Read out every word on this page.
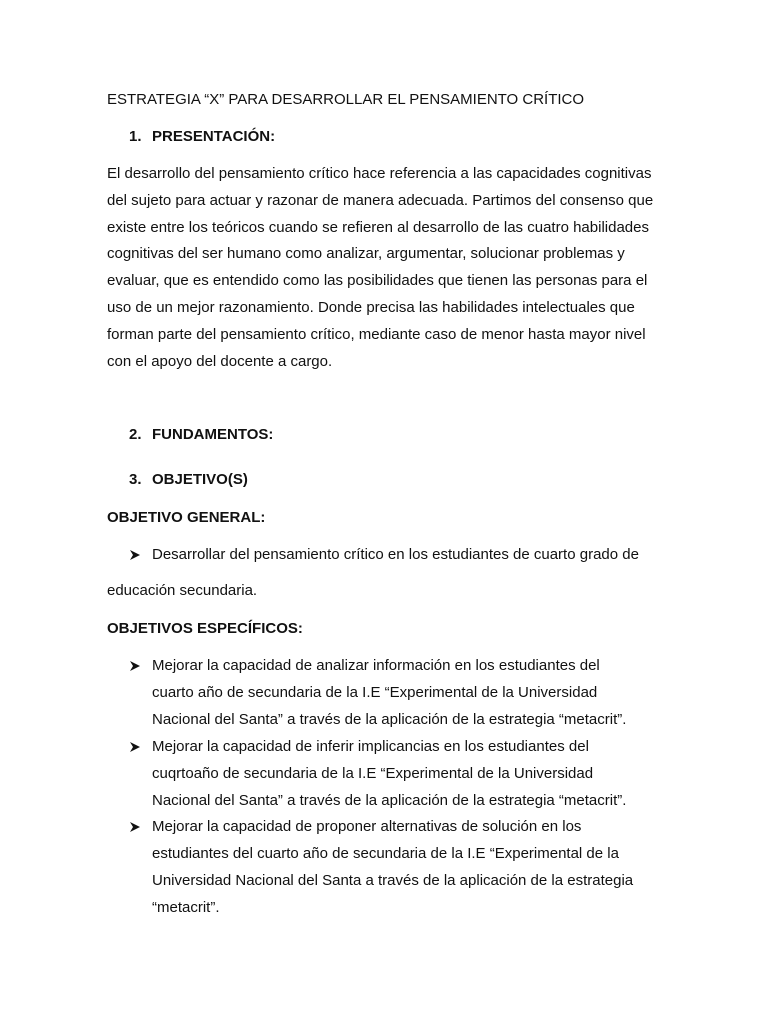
ESTRATEGIA “X” PARA DESARROLLAR EL PENSAMIENTO CRÍTICO
1. PRESENTACIÓN:
El desarrollo del pensamiento crítico hace referencia a las capacidades cognitivas
del sujeto para actuar y razonar de manera adecuada. Partimos del consenso que
existe entre los teóricos cuando se refieren al desarrollo de las cuatro habilidades
cognitivas del ser humano como analizar, argumentar, solucionar problemas y
evaluar, que es entendido como las posibilidades que tienen las personas para el
uso de un mejor razonamiento. Donde precisa las habilidades intelectuales que
forman parte del pensamiento crítico, mediante caso de menor hasta mayor nivel
con el apoyo del docente a cargo.
2. FUNDAMENTOS:
3. OBJETIVO(S)
OBJETIVO GENERAL:
Desarrollar del pensamiento crítico en los estudiantes de cuarto grado de
educación secundaria.
OBJETIVOS ESPECÍFICOS:
Mejorar la capacidad de analizar información en los estudiantes del
cuarto año de secundaria de la I.E “Experimental de la Universidad
Nacional del Santa” a través de la aplicación de la estrategia “metacrit”.
Mejorar la capacidad de inferir implicancias en los estudiantes del
cuqrtoaño de secundaria de la I.E “Experimental de la Universidad
Nacional del Santa” a través de la aplicación de la estrategia “metacrit”.
Mejorar la capacidad de proponer alternativas de solución en los
estudiantes del cuarto año de secundaria de la I.E “Experimental de la
Universidad Nacional del Santa a través de la aplicación de la estrategia
“metacrit”.
